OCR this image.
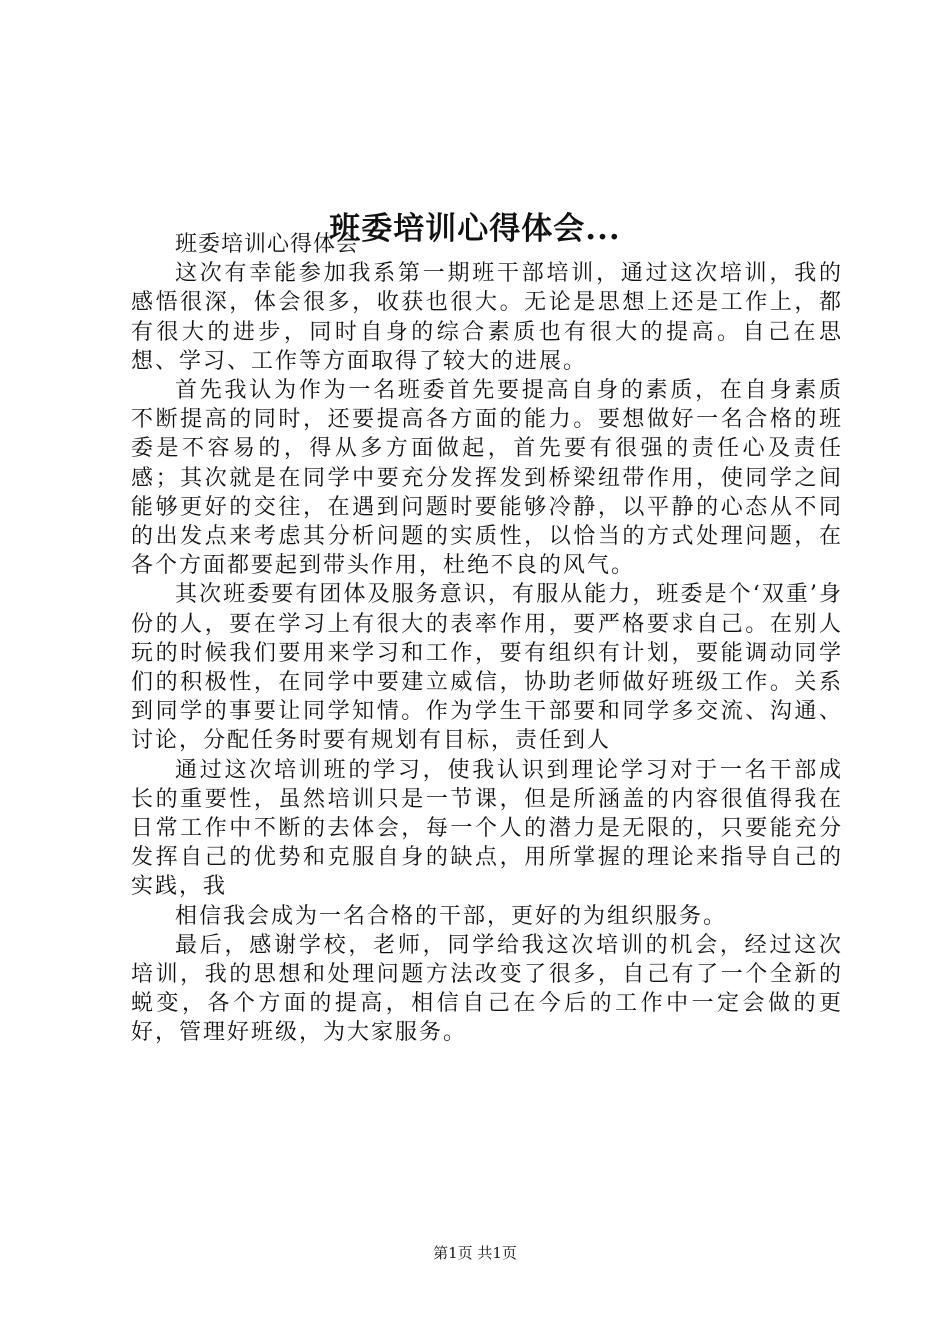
班委培训心得体会...

班委培训心得体会

这次有幸能参加我系第一期班干部培训，通过这次培训，我的感悟很深，体会很多，收获也很大。无论是思想上还是工作上，都有很大的进步，同时自身的综合素质也有很大的提高。自己在思想、学习、工作等方面取得了较大的进展。

首先我认为作为一名班委首先要提高自身的素质，在自身素质不断提高的同时，还要提高各方面的能力。要想做好一名合格的班委是不容易的，得从多方面做起，首先要有很强的责任心及责任感；其次就是在同学中要充分发挥发到桥梁纽带作用，使同学之间能够更好的交往，在遇到问题时要能够冷静，以平静的心态从不同的出发点来考虑其分析问题的实质性，以恰当的方式处理问题，在各个方面都要起到带头作用，杜绝不良的风气。

其次班委要有团体及服务意识，有服从能力，班委是个‘双重’身份的人，要在学习上有很大的表率作用，要严格要求自己。在别人玩的时候我们要用来学习和工作，要有组织有计划，要能调动同学们的积极性，在同学中要建立威信，协助老师做好班级工作。关系到同学的事要让同学知情。作为学生干部要和同学多交流、沟通、讨论，分配任务时要有规划有目标，责任到人

通过这次培训班的学习，使我认识到理论学习对于一名干部成长的重要性，虽然培训只是一节课，但是所涵盖的内容很值得我在日常工作中不断的去体会，每一个人的潜力是无限的，只要能充分发挥自己的优势和克服自身的缺点，用所掌握的理论来指导自己的实践，我

相信我会成为一名合格的干部，更好的为组织服务。

最后，感谢学校，老师，同学给我这次培训的机会，经过这次培训，我的思想和处理问题方法改变了很多，自己有了一个全新的蜕变，各个方面的提高，相信自己在今后的工作中一定会做的更好，管理好班级，为大家服务。

第1页 共1页
